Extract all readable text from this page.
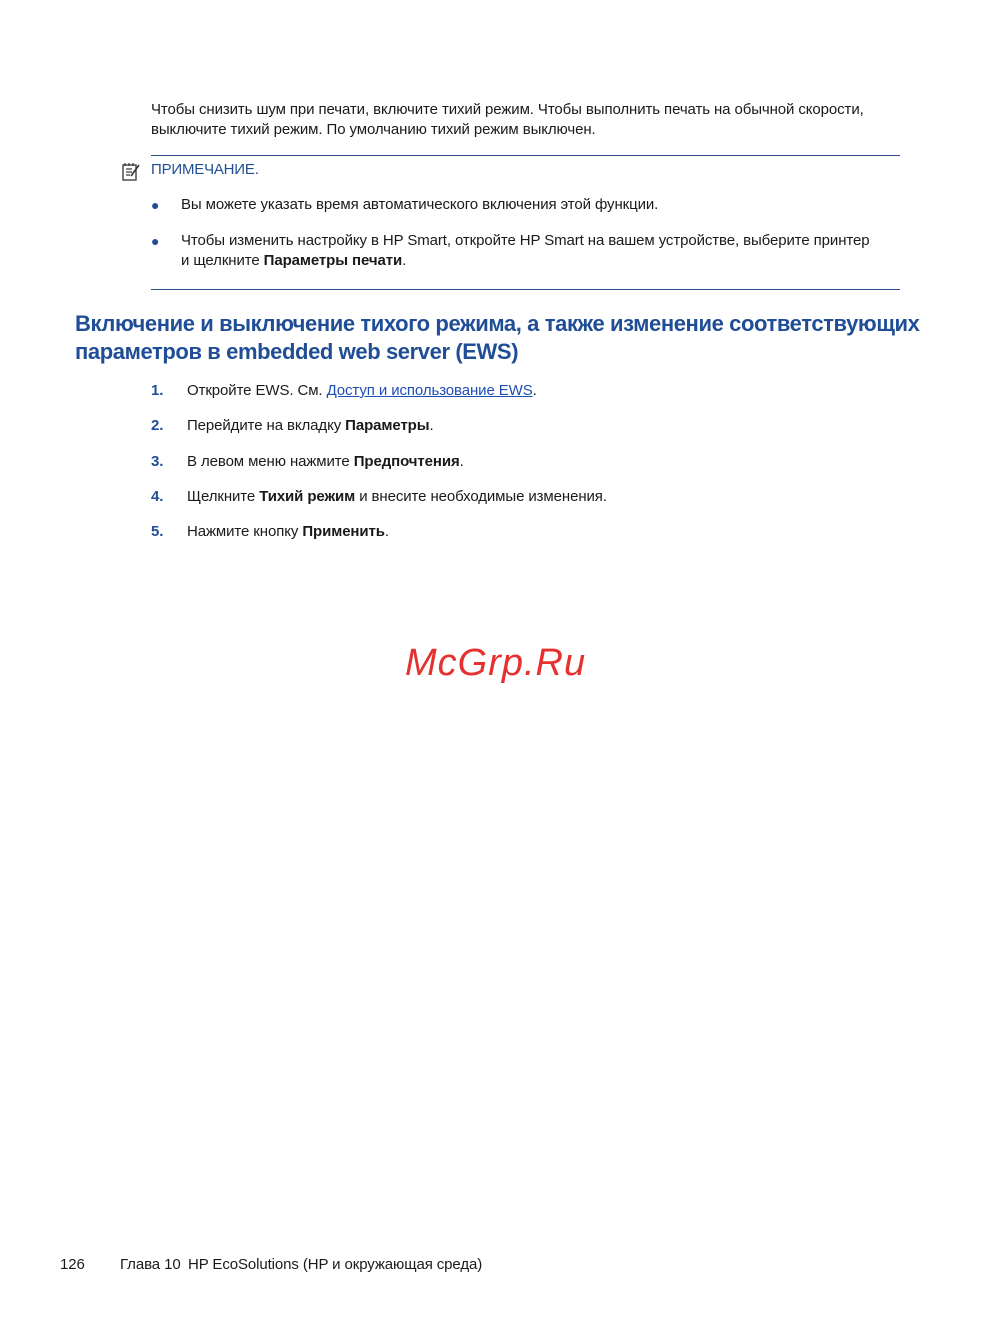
Чтобы снизить шум при печати, включите тихий режим. Чтобы выполнить печать на обычной скорости,
выключите тихий режим. По умолчанию тихий режим выключен.
ПРИМЕЧАНИЕ.
● Вы можете указать время автоматического включения этой функции.
● Чтобы изменить настройку в HP Smart, откройте HP Smart на вашем устройстве, выберите принтер
и щелкните Параметры печати.
Включение и выключение тихого режима, а также изменение соответствующих
параметров в embedded web server (EWS)
1. Откройте EWS. См. Доступ и использование EWS.
2. Перейдите на вкладку Параметры.
3. В левом меню нажмите Предпочтения.
4. Щелкните Тихий режим и внесите необходимые изменения.
5. Нажмите кнопку Применить.
McGrp.Ru
126 Глава 10 HP EcoSolutions (HP и окружающая среда)
